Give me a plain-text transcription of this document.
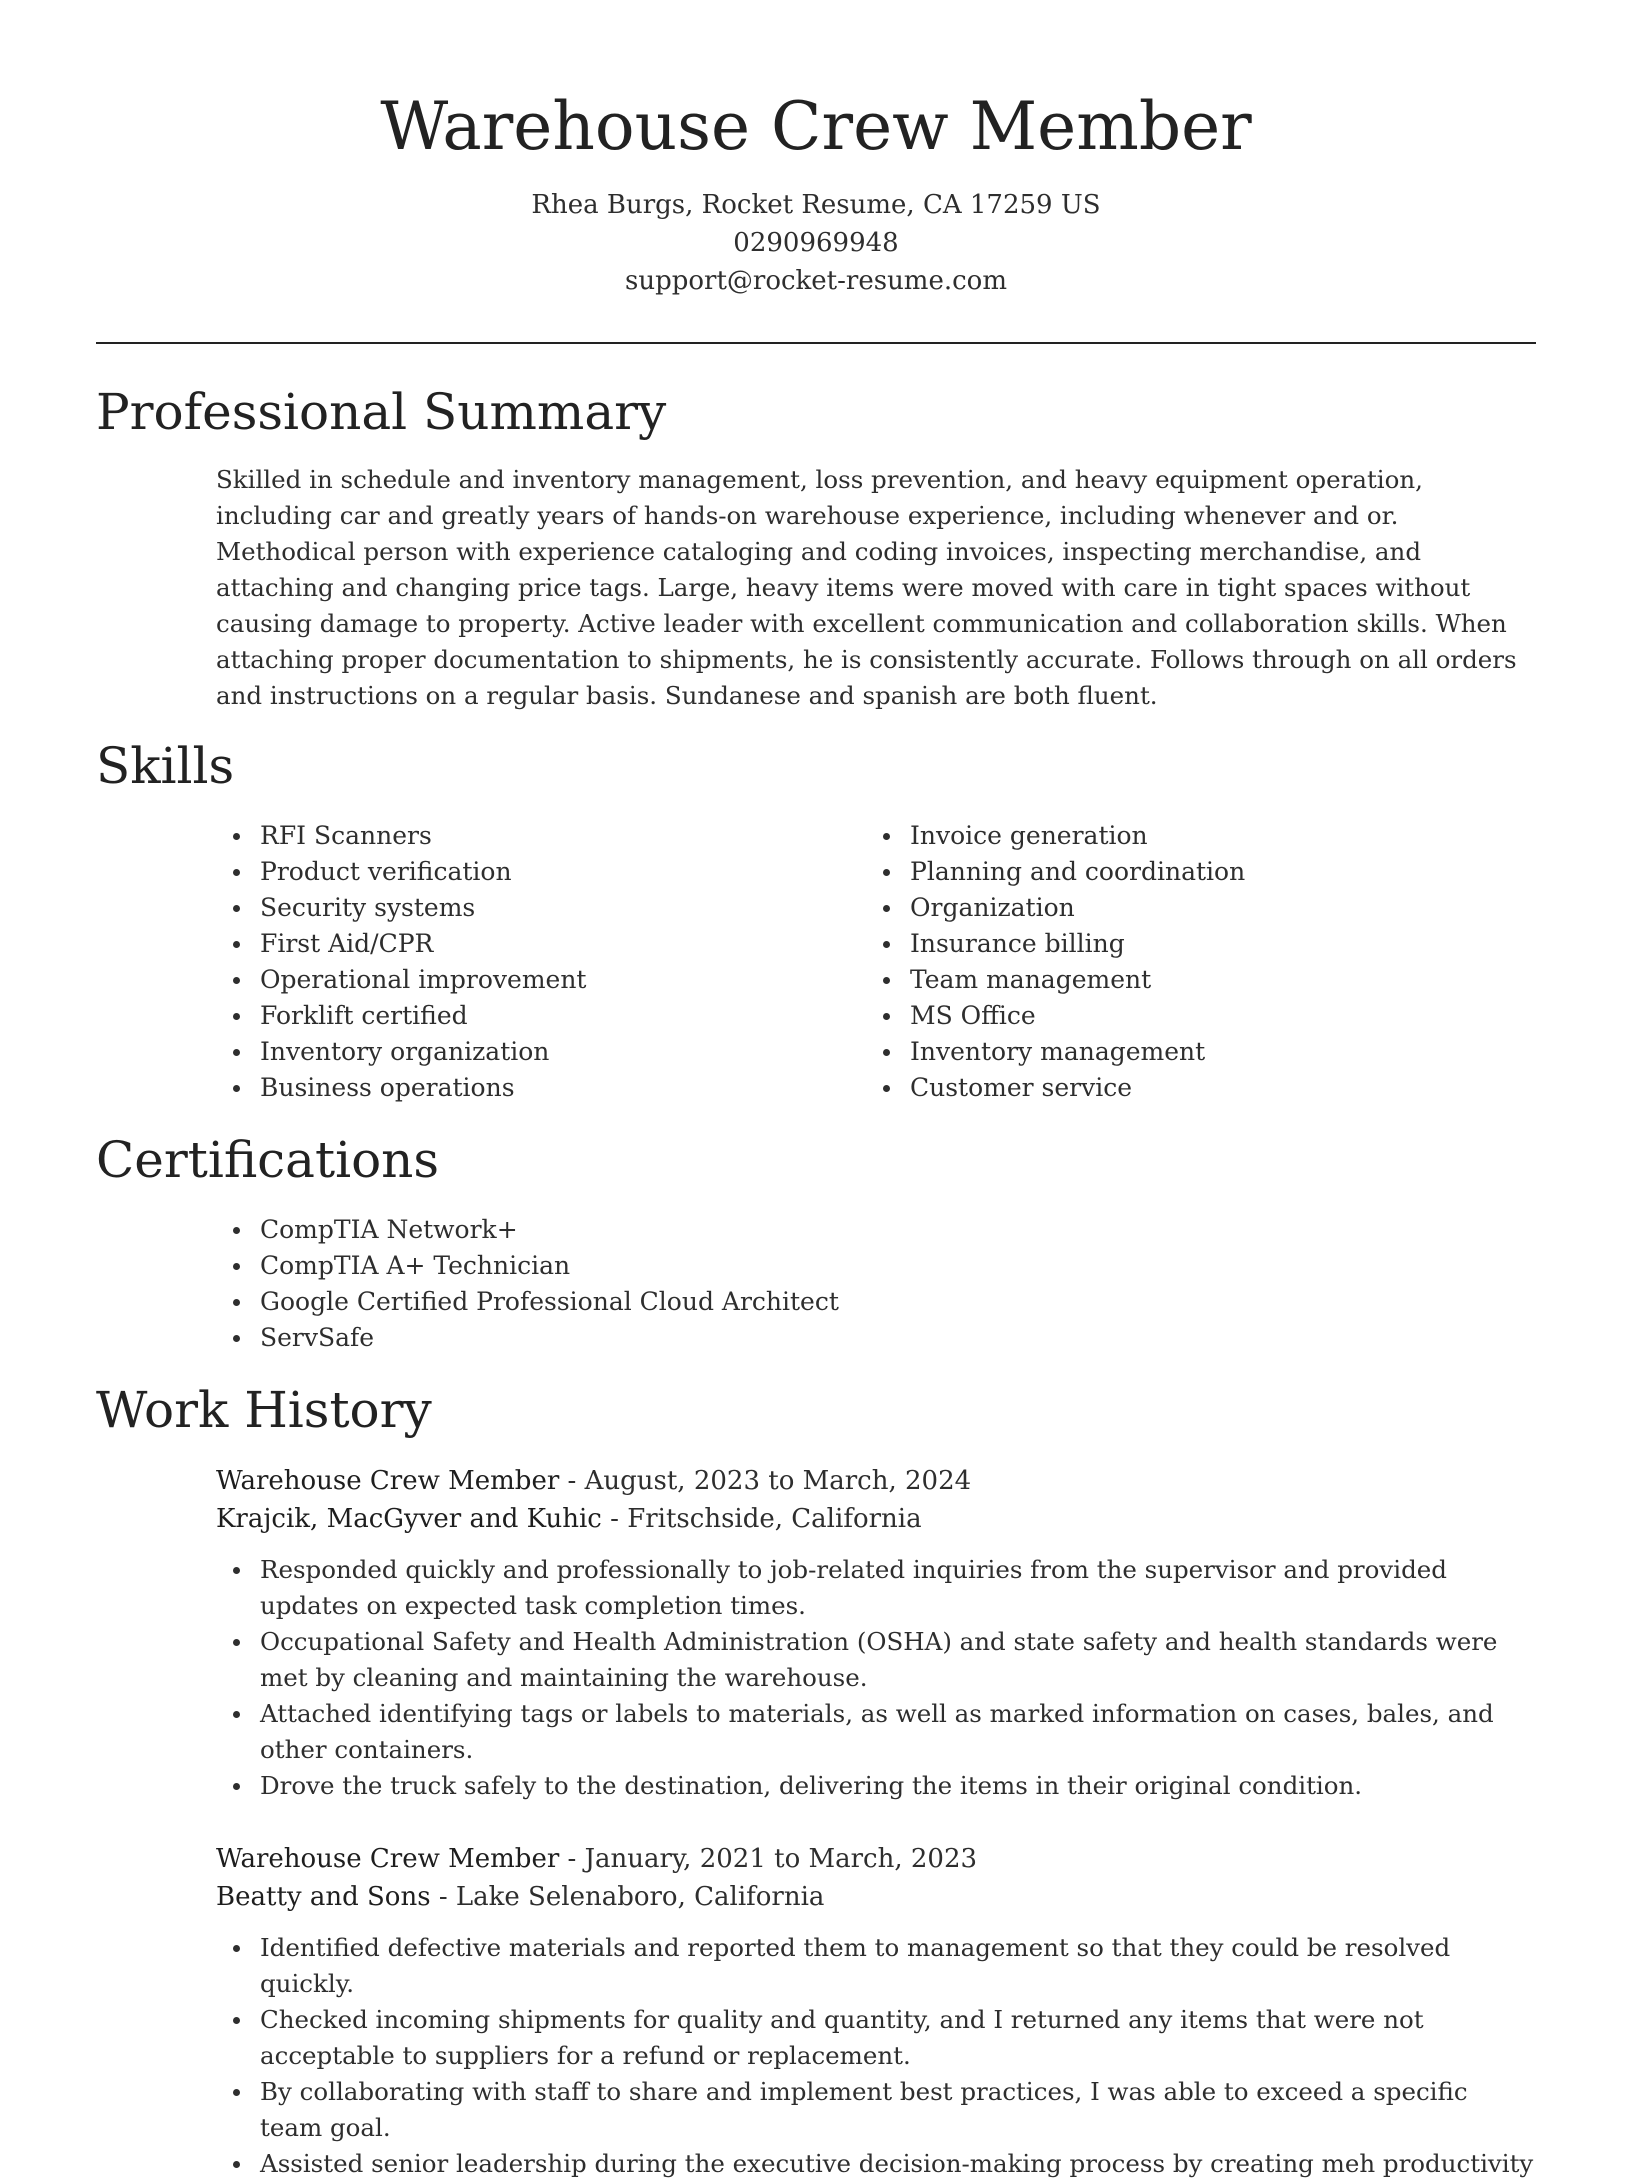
Warehouse Crew Member
Rhea Burgs, Rocket Resume, CA 17259 US
0290969948
support@rocket-resume.com
Professional Summary

Skilled in schedule and inventory management, loss prevention, and heavy equipment operation, including car and greatly years of hands-on warehouse experience, including whenever and or. Methodical person with experience cataloging and coding invoices, inspecting merchandise, and attaching and changing price tags. Large, heavy items were moved with care in tight spaces without causing damage to property. Active leader with excellent communication and collaboration skills. When attaching proper documentation to shipments, he is consistently accurate. Follows through on all orders and instructions on a regular basis. Sundanese and spanish are both fluent.

Skills
RFI Scanners
Product verification
Security systems
First Aid/CPR
Operational improvement
Forklift certified
Inventory organization
Business operations
Invoice generation
Planning and coordination
Organization
Insurance billing
Team management
MS Office
Inventory management
Customer service
Certifications
CompTIA Network+
CompTIA A+ Technician
Google Certified Professional Cloud Architect
ServSafe
Work History
Warehouse Crew Member - August, 2023 to March, 2024
Krajcik, MacGyver and Kuhic - Fritschside, California
Responded quickly and professionally to job-related inquiries from the supervisor and provided updates on expected task completion times.
Occupational Safety and Health Administration (OSHA) and state safety and health standards were met by cleaning and maintaining the warehouse.
Attached identifying tags or labels to materials, as well as marked information on cases, bales, and other containers.
Drove the truck safely to the destination, delivering the items in their original condition.
Warehouse Crew Member - January, 2021 to March, 2023
Beatty and Sons - Lake Selenaboro, California
Identified defective materials and reported them to management so that they could be resolved quickly.
Checked incoming shipments for quality and quantity, and I returned any items that were not acceptable to suppliers for a refund or replacement.
By collaborating with staff to share and implement best practices, I was able to exceed a specific team goal.
Assisted senior leadership during the executive decision-making process by creating meh productivity
